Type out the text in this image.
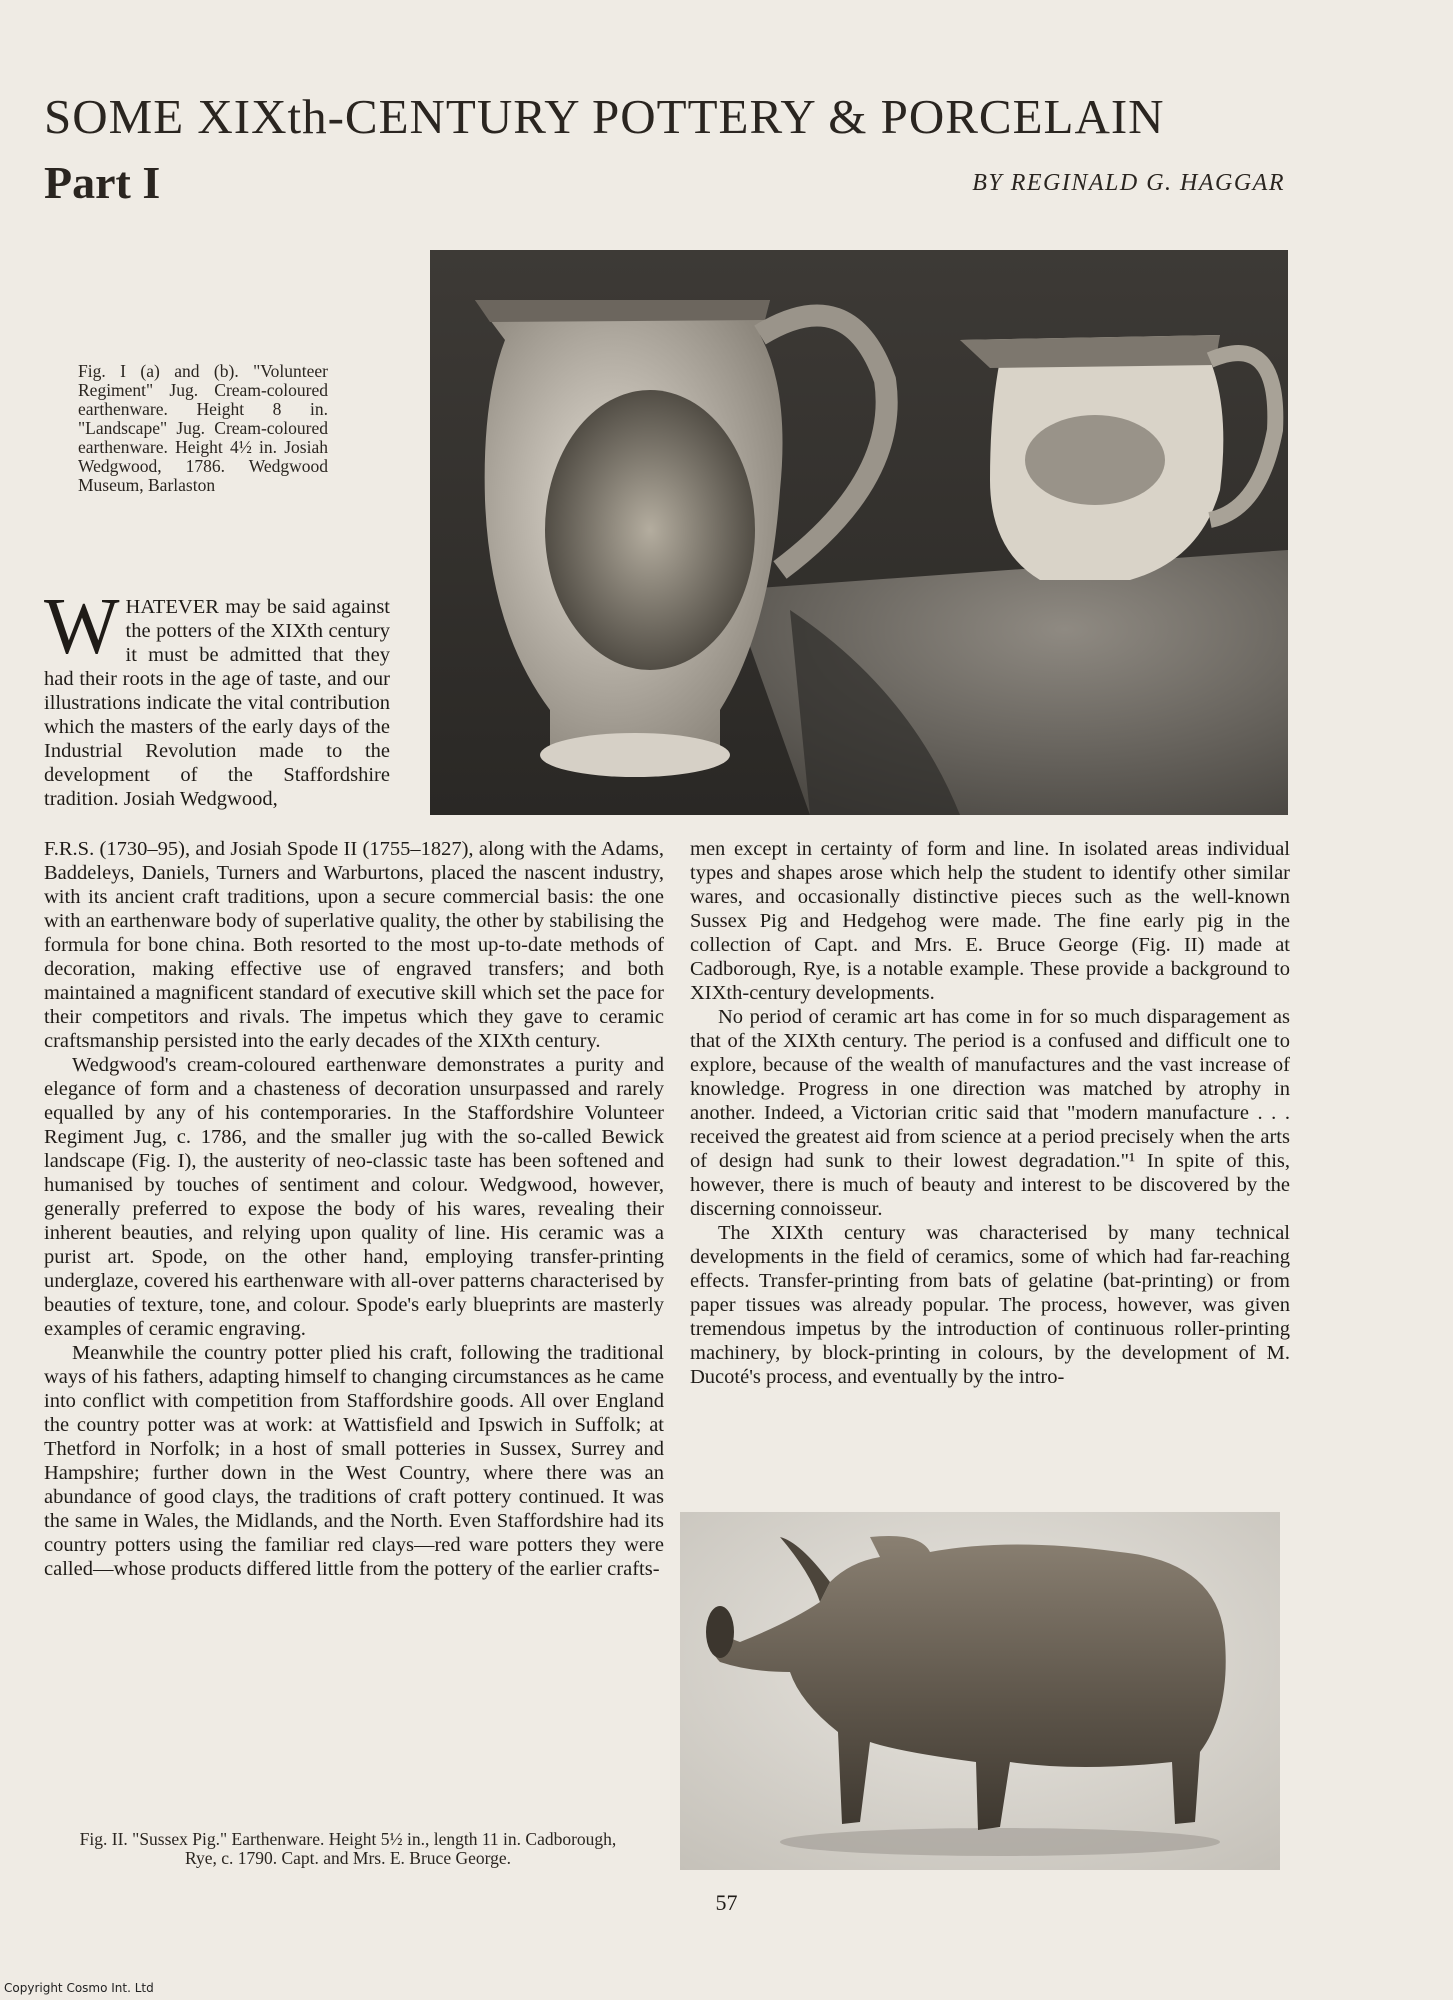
SOME XIXth-CENTURY POTTERY & PORCELAIN
Part I	BY REGINALD G. HAGGAR
Fig. I (a) and (b). "Volunteer Regiment" Jug. Cream-coloured earthenware. Height 8 in. "Landscape" Jug. Cream-coloured earthenware. Height 4½ in. Josiah Wedgwood, 1786. Wedgwood Museum, Barlaston

WHATEVER may be said against the potters of the XIXth century it must be admitted that they had their roots in the age of taste, and our illustrations indicate the vital contribution which the masters of the early days of the Industrial Revolution made to the development of the Staffordshire tradition. Josiah Wedgwood,

F.R.S. (1730–95), and Josiah Spode II (1755–1827), along with the Adams, Baddeleys, Daniels, Turners and Warburtons, placed the nascent industry, with its ancient craft traditions, upon a secure commercial basis: the one with an earthenware body of superlative quality, the other by stabilising the formula for bone china. Both resorted to the most up-to-date methods of decoration, making effective use of engraved transfers; and both maintained a magnificent standard of executive skill which set the pace for their competitors and rivals. The impetus which they gave to ceramic craftsmanship persisted into the early decades of the XIXth century.

Wedgwood's cream-coloured earthenware demonstrates a purity and elegance of form and a chasteness of decoration unsurpassed and rarely equalled by any of his contemporaries. In the Staffordshire Volunteer Regiment Jug, c. 1786, and the smaller jug with the so-called Bewick landscape (Fig. I), the austerity of neo-classic taste has been softened and humanised by touches of sentiment and colour. Wedgwood, however, generally preferred to expose the body of his wares, revealing their inherent beauties, and relying upon quality of line. His ceramic was a purist art. Spode, on the other hand, employing transfer-printing underglaze, covered his earthenware with all-over patterns characterised by beauties of texture, tone, and colour. Spode's early blueprints are masterly examples of ceramic engraving.

Meanwhile the country potter plied his craft, following the traditional ways of his fathers, adapting himself to changing circumstances as he came into conflict with competition from Staffordshire goods. All over England the country potter was at work: at Wattisfield and Ipswich in Suffolk; at Thetford in Norfolk; in a host of small potteries in Sussex, Surrey and Hampshire; further down in the West Country, where there was an abundance of good clays, the traditions of craft pottery continued. It was the same in Wales, the Midlands, and the North. Even Staffordshire had its country potters using the familiar red clays—red ware potters they were called—whose products differed little from the pottery of the earlier crafts-

men except in certainty of form and line. In isolated areas individual types and shapes arose which help the student to identify other similar wares, and occasionally distinctive pieces such as the well-known Sussex Pig and Hedgehog were made. The fine early pig in the collection of Capt. and Mrs. E. Bruce George (Fig. II) made at Cadborough, Rye, is a notable example. These provide a background to XIXth-century developments.

No period of ceramic art has come in for so much disparagement as that of the XIXth century. The period is a confused and difficult one to explore, because of the wealth of manufactures and the vast increase of knowledge. Progress in one direction was matched by atrophy in another. Indeed, a Victorian critic said that "modern manufacture . . . received the greatest aid from science at a period precisely when the arts of design had sunk to their lowest degradation."¹ In spite of this, however, there is much of beauty and interest to be discovered by the discerning connoisseur.

The XIXth century was characterised by many technical developments in the field of ceramics, some of which had far-reaching effects. Transfer-printing from bats of gelatine (bat-printing) or from paper tissues was already popular. The process, however, was given tremendous impetus by the introduction of continuous roller-printing machinery, by block-printing in colours, by the development of M. Ducoté's process, and eventually by the intro-

Fig. II. "Sussex Pig." Earthenware. Height 5½ in., length 11 in. Cadborough, Rye, c. 1790. Capt. and Mrs. E. Bruce George.
57
Copyright Cosmo Int. Ltd
